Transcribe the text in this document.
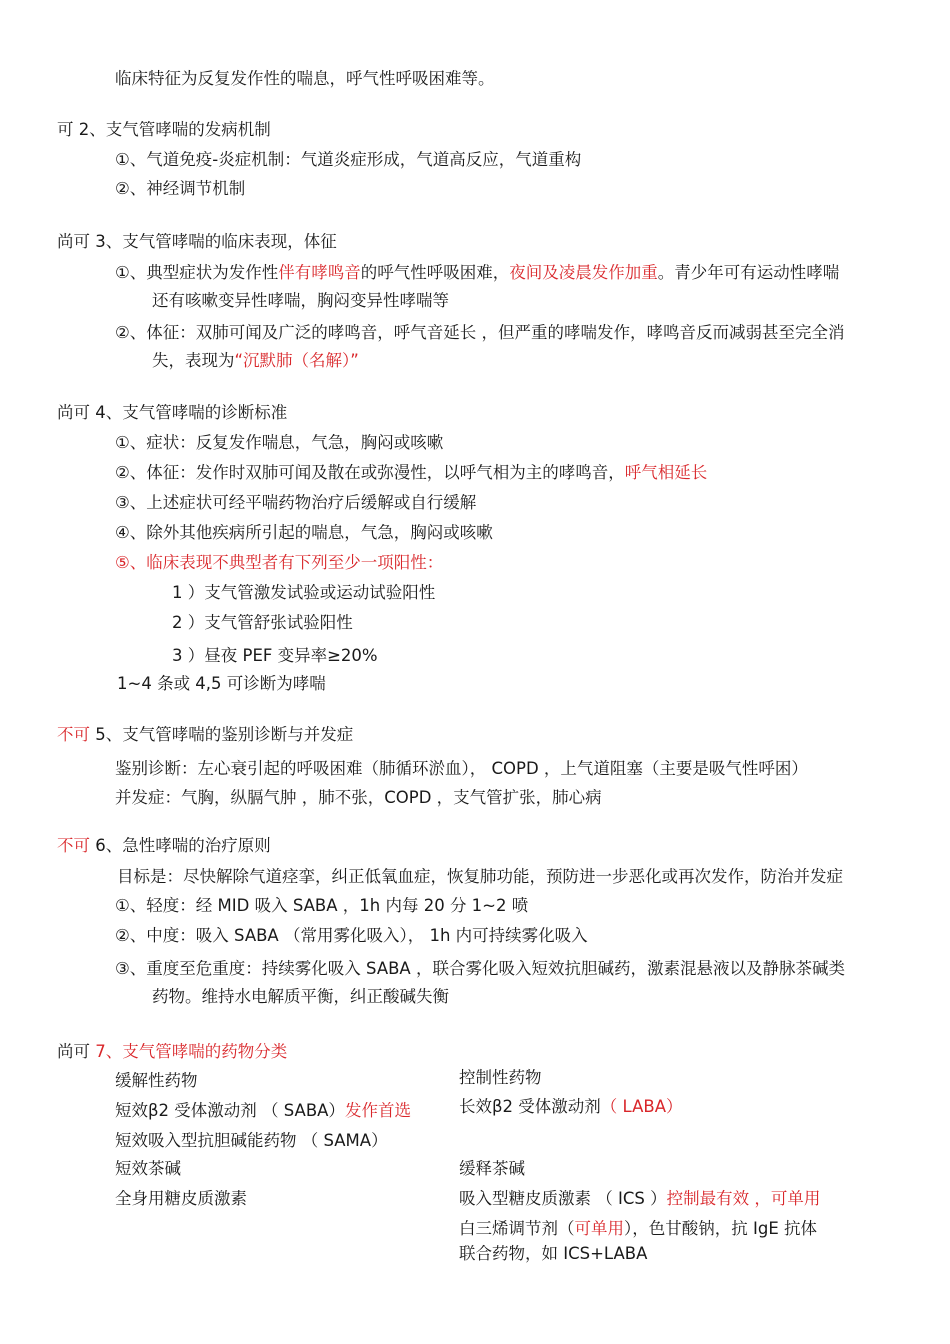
临床特征为反复发作性的喘息，呼气性呼吸困难等。
可 2、支气管哮喘的发病机制
①、气道免疫-炎症机制：气道炎症形成，气道高反应，气道重构
②、神经调节机制
尚可 3、支气管哮喘的临床表现，体征
①、典型症状为发作性伴有哮鸣音的呼气性呼吸困难，夜间及凌晨发作加重。青少年可有运动性哮喘
还有咳嗽变异性哮喘，胸闷变异性哮喘等
②、体征：双肺可闻及广泛的哮鸣音，呼气音延长 ，但严重的哮喘发作，哮鸣音反而减弱甚至完全消
失，表现为“沉默肺（名解）”
尚可 4、支气管哮喘的诊断标准
①、症状：反复发作喘息，气急，胸闷或咳嗽
②、体征：发作时双肺可闻及散在或弥漫性，以呼气相为主的哮鸣音，呼气相延长
③、上述症状可经平喘药物治疗后缓解或自行缓解
④、除外其他疾病所引起的喘息，气急，胸闷或咳嗽
⑤、临床表现不典型者有下列至少一项阳性：
1 ）支气管激发试验或运动试验阳性
2 ）支气管舒张试验阳性
3 ）昼夜 PEF 变异率≥20%
1~4 条或 4,5 可诊断为哮喘
不可 5、支气管哮喘的鉴别诊断与并发症
鉴别诊断：左心衰引起的呼吸困难（肺循环淤血）， COPD ，上气道阻塞（主要是吸气性呼困）
并发症：气胸，纵膈气肿 ，肺不张，COPD ，支气管扩张，肺心病
不可 6、急性哮喘的治疗原则
目标是：尽快解除气道痉挛，纠正低氧血症，恢复肺功能，预防进一步恶化或再次发作，防治并发症
①、轻度：经 MID 吸入 SABA ，1h 内每 20 分 1~2 喷
②、中度：吸入 SABA （常用雾化吸入）， 1h 内可持续雾化吸入
③、重度至危重度：持续雾化吸入 SABA ，联合雾化吸入短效抗胆碱药，激素混悬液以及静脉茶碱类
药物。维持水电解质平衡，纠正酸碱失衡
尚可 7、支气管哮喘的药物分类
缓解性药物
短效β2 受体激动剂 （ SABA）发作首选
短效吸入型抗胆碱能药物 （ SAMA）
短效茶碱
全身用糖皮质激素
控制性药物
长效β2 受体激动剂（ LABA）
缓释茶碱
吸入型糖皮质激素 （ ICS ）控制最有效 ，可单用
白三烯调节剂（可单用），色甘酸钠，抗 IgE 抗体
联合药物，如 ICS+LABA
